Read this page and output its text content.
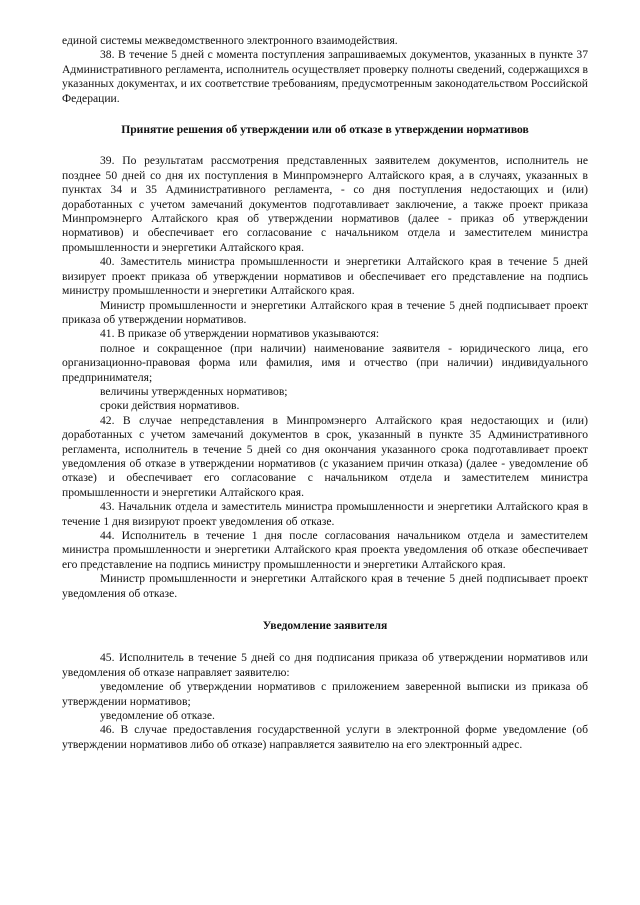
единой системы межведомственного электронного взаимодействия.

38. В течение 5 дней с момента поступления запрашиваемых документов, указанных в пункте 37 Административного регламента, исполнитель осуществляет проверку полноты сведений, содержащихся в указанных документах, и их соответствие требованиям, предусмотренным законодательством Российской Федерации.

Принятие решения об утверждении или об отказе в утверждении нормативов

39. По результатам рассмотрения представленных заявителем документов, исполнитель не позднее 50 дней со дня их поступления в Минпромэнерго Алтайского края, а в случаях, указанных в пунктах 34 и 35 Административного регламента, - со дня поступления недостающих и (или) доработанных с учетом замечаний документов подготавливает заключение, а также проект приказа Минпромэнерго Алтайского края об утверждении нормативов (далее - приказ об утверждении нормативов) и обеспечивает его согласование с начальником отдела и заместителем министра промышленности и энергетики Алтайского края.

40. Заместитель министра промышленности и энергетики Алтайского края в течение 5 дней визирует проект приказа об утверждении нормативов и обеспечивает его представление на подпись министру промышленности и энергетики Алтайского края.

Министр промышленности и энергетики Алтайского края в течение 5 дней подписывает проект приказа об утверждении нормативов.

41. В приказе об утверждении нормативов указываются:

полное и сокращенное (при наличии) наименование заявителя - юридического лица, его организационно-правовая форма или фамилия, имя и отчество (при наличии) индивидуального предпринимателя;

величины утвержденных нормативов;

сроки действия нормативов.

42. В случае непредставления в Минпромэнерго Алтайского края недостающих и (или) доработанных с учетом замечаний документов в срок, указанный в пункте 35 Административного регламента, исполнитель в течение 5 дней со дня окончания указанного срока подготавливает проект уведомления об отказе в утверждении нормативов (с указанием причин отказа) (далее - уведомление об отказе) и обеспечивает его согласование с начальником отдела и заместителем министра промышленности и энергетики Алтайского края.

43. Начальник отдела и заместитель министра промышленности и энергетики Алтайского края в течение 1 дня визируют проект уведомления об отказе.

44. Исполнитель в течение 1 дня после согласования начальником отдела и заместителем министра промышленности и энергетики Алтайского края проекта уведомления об отказе обеспечивает его представление на подпись министру промышленности и энергетики Алтайского края.

Министр промышленности и энергетики Алтайского края в течение 5 дней подписывает проект уведомления об отказе.

Уведомление заявителя

45. Исполнитель в течение 5 дней со дня подписания приказа об утверждении нормативов или уведомления об отказе направляет заявителю:

уведомление об утверждении нормативов с приложением заверенной выписки из приказа об утверждении нормативов;

уведомление об отказе.

46. В случае предоставления государственной услуги в электронной форме уведомление (об утверждении нормативов либо об отказе) направляется заявителю на его электронный адрес.
